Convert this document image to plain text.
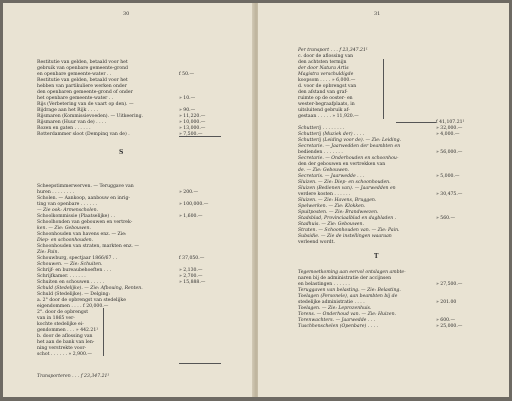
30
Restitutie van gelden, betaald voor het
gebruik van openbare gemeente-grond
en openbare gemeente-water . .	f 50.—
Restitutie van gelden, betaald voor het
hebben van partikuliere werken onder
den openbaren gemeente-grond of onder
het openbare gemeente-water . .	» 10.—
Rijs (Verbetering van de vaart op den). —
Bijdrage aan het Rijk . . . .	» 90.—
Rijsmaren (Kommissievoeden). — Uitkeering.	» 11,220.—
Rijsmaren (Huur van de) . . . .	» 10,000.—
Rozen en gaten . . . . . .	» 13,000.—
Rotterdammer sloot (Dempinq van de) .	» 7,500.—
Scheepstimmerwerven. — Teruggave van
huren . . . . . . . .	» 200.—
Scholen. — Aankoop, aanbouw en inrig-
ting van openbare . . . . . .	» 100,000.—
— Zie ook: Armenscholen.
Schoolkommissie (Plaatselijke) . .	» 1,600.—
Schoolhonden van gebouwen en vertrek-
ken. — Zie: Gebouwen.
Schoonhouden van havens enz. — Zie:
Diep- en schoonhouden.
Schoonhouden van straten, markten enz. —
Zie: Pain.
Schouwburg, spectjaar 1866/67 . .	f 37,050.—
Schouwen. — Zie: Schuiten.
Schrijf- en bureaubehoeften . . .	» 2,130.—
Schrijfkamer. . . . . . .	» 2,700.—
Schuiten en schouwen . . . . .	» 15,888.—
Schuld (Stedelijke). — Zie: Afbouing, Renten.
Schuld (Stedelijke). — Delging:
a. 2° door de opbrengst van stedelijke
eigendommen . . . . f 20,000.—
2°. door de opbrengst
van in 1865 ver-
kochte stedelijke ei-
gendommen . . . » 442.21¹
b. door de aflossing van
het aan de bank van len-
ning verstrekte voor-
schot . . . . . . » 2,900.—
Transporteren . . . f 23,347.21¹
S
31
Per transport . . . f 23,347.21¹
c. door de aflossing van
den achtsten termijn
der door Natura Artis
Magistra verschuldigde
koopsom . . . . » 6,000.—
d. voor de opbrengst van
den afstand van graf-
ruimte op de ooster- en
wester-begraafplaats, in
uitsluitend gebruik af-
gestaan . . . . . » 11,920.—
f 41,107.21¹
Schutterij . . . . . . . .	» 32,000.—
Schutterij (Muziek der) . . . .	» 4,000.—
Schutterij (Leiding voor de). — Zie: Leiding.
Secretarie. — Jaarwedden der beambten en
bedienden . . . . . . .	» 56,000.—
Secretarie. — Onderhouden en schoonhou-
den der gebouwen en vertrekken van
de. — Zie: Gebouwen.
Secretaris. — Jaarwedde . . .	» 5,000.—
Sluizen. — Zie: Diep- en schoonhouden.
Sluizen (Bedienen van). — Jaarwedden en
verdere kosten . . . . . .	» 30,475.—
Sluizen. — Zie: Havens, Bruggen.
Spelwerken. — Zie: Klokken.
Spuitposten. — Zie: Brandweezen.
Stadsblad, Provinciaalblad en dagbladen .	» 560.—
Stadhuis. — Zie: Gebouwen.
Straten. — Schoonhouden van. — Zie: Pain.
Subsidie. — Zie de instellingen waaraan
verleend wordt.
Tegemoetkoming aan eervol ontslagen ambte-
naren bij de administratie der accijnsen
en belastingen . . . . . .	» 27,500.—
Teruggaven van belasting. — Zie: Belasting.
Toelagen (Personele), aan beambten bij de
stedelijke administratie . . . .	» 201.00
Toelagen. — Zie: Leprozenhuis.
Torens. — Onderhoud van. — Zie: Huizen.
Torenwachters. — Jaarwedde . . .	» 600.—
Tuschhenschelen (Openbare) . . . .	» 25,000.—
T
